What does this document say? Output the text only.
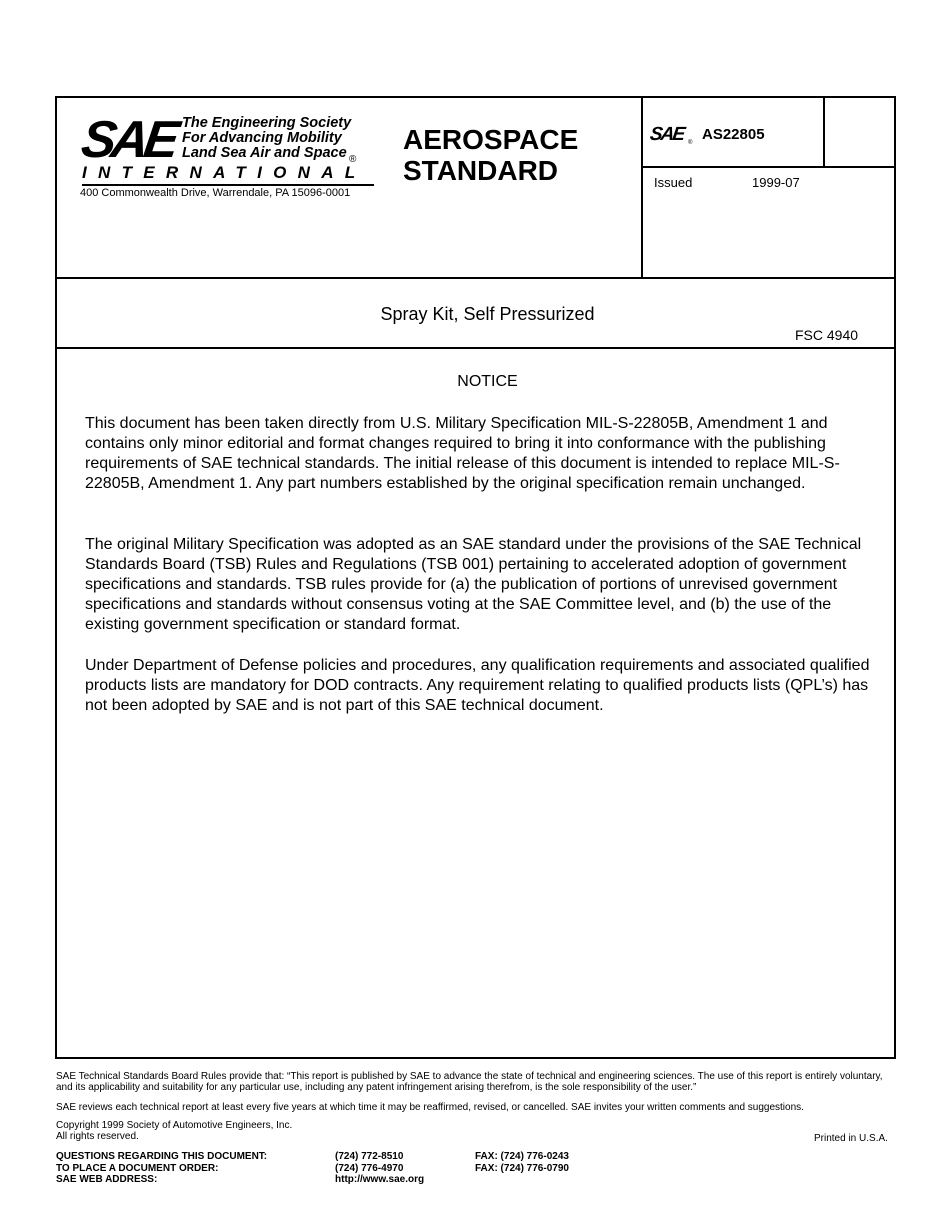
SAE The Engineering Society
For Advancing Mobility
Land Sea Air and Space ®
INTERNATIONAL
400 Commonwealth Drive, Warrendale, PA 15096-0001
AEROSPACE
STANDARD
SAE ® AS22805
Issued	1999-07
Spray Kit, Self Pressurized
FSC 4940
NOTICE
This document has been taken directly from U.S. Military Specification MIL-S-22805B, Amendment 1 and contains only minor editorial and format changes required to bring it into conformance with the publishing requirements of SAE technical standards. The initial release of this document is intended to replace MIL-S-22805B, Amendment 1. Any part numbers established by the original specification remain unchanged.
The original Military Specification was adopted as an SAE standard under the provisions of the SAE Technical Standards Board (TSB) Rules and Regulations (TSB 001) pertaining to accelerated adoption of government specifications and standards. TSB rules provide for (a) the publication of portions of unrevised government specifications and standards without consensus voting at the SAE Committee level, and (b) the use of the existing government specification or standard format.
Under Department of Defense policies and procedures, any qualification requirements and associated qualified products lists are mandatory for DOD contracts. Any requirement relating to qualified products lists (QPL’s) has not been adopted by SAE and is not part of this SAE technical document.
SAE Technical Standards Board Rules provide that: “This report is published by SAE to advance the state of technical and engineering sciences. The use of this report is entirely voluntary, and its applicability and suitability for any particular use, including any patent infringement arising therefrom, is the sole responsibility of the user.”
SAE reviews each technical report at least every five years at which time it may be reaffirmed, revised, or cancelled. SAE invites your written comments and suggestions.
Copyright 1999 Society of Automotive Engineers, Inc.
All rights reserved.	Printed in U.S.A.
QUESTIONS REGARDING THIS DOCUMENT:
TO PLACE A DOCUMENT ORDER:
SAE WEB ADDRESS:
(724) 772-8510
(724) 776-4970
http://www.sae.org
FAX: (724) 776-0243
FAX: (724) 776-0790
